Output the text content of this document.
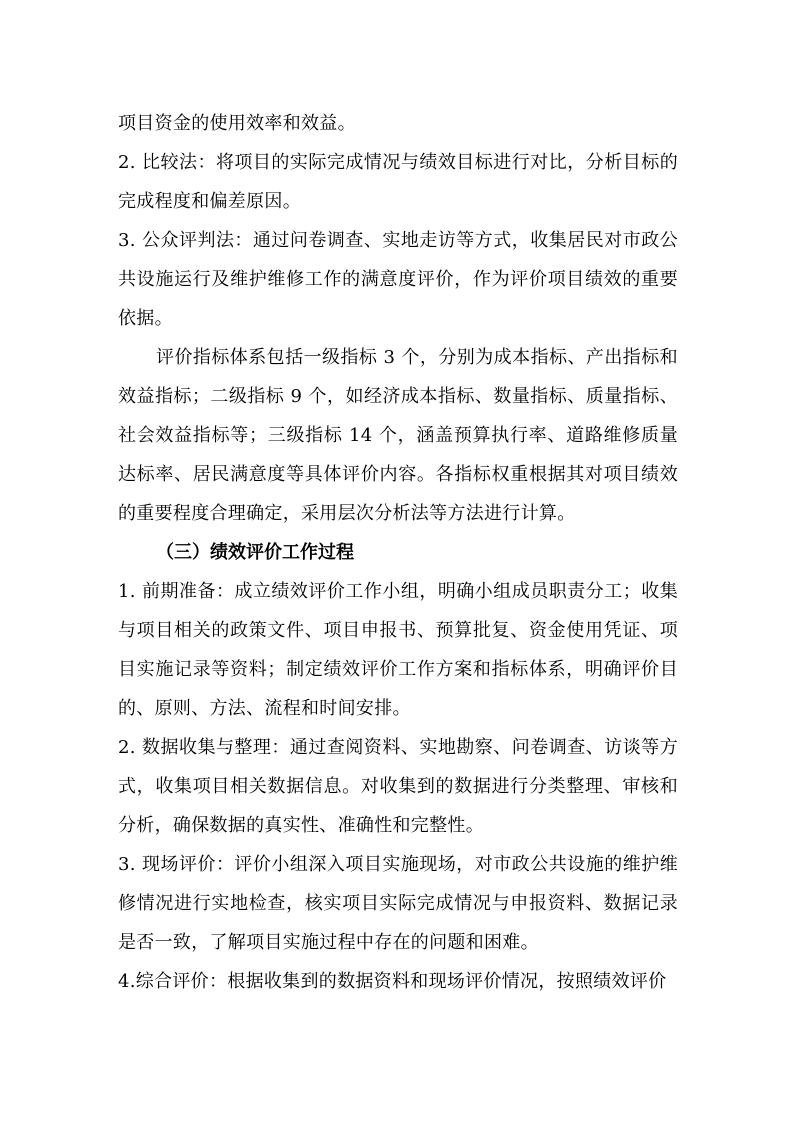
项目资金的使用效率和效益。

2. 比较法：将项目的实际完成情况与绩效目标进行对比，分析目标的完成程度和偏差原因。

3. 公众评判法：通过问卷调查、实地走访等方式，收集居民对市政公共设施运行及维护维修工作的满意度评价，作为评价项目绩效的重要依据。

评价指标体系包括一级指标 3 个，分别为成本指标、产出指标和效益指标；二级指标 9 个，如经济成本指标、数量指标、质量指标、社会效益指标等；三级指标 14 个，涵盖预算执行率、道路维修质量达标率、居民满意度等具体评价内容。各指标权重根据其对项目绩效的重要程度合理确定，采用层次分析法等方法进行计算。

（三）绩效评价工作过程

1. 前期准备：成立绩效评价工作小组，明确小组成员职责分工；收集与项目相关的政策文件、项目申报书、预算批复、资金使用凭证、项目实施记录等资料；制定绩效评价工作方案和指标体系，明确评价目的、原则、方法、流程和时间安排。

2. 数据收集与整理：通过查阅资料、实地勘察、问卷调查、访谈等方式，收集项目相关数据信息。对收集到的数据进行分类整理、审核和分析，确保数据的真实性、准确性和完整性。

3. 现场评价：评价小组深入项目实施现场，对市政公共设施的维护维修情况进行实地检查，核实项目实际完成情况与申报资料、数据记录是否一致，了解项目实施过程中存在的问题和困难。

4.综合评价：根据收集到的数据资料和现场评价情况，按照绩效评价
